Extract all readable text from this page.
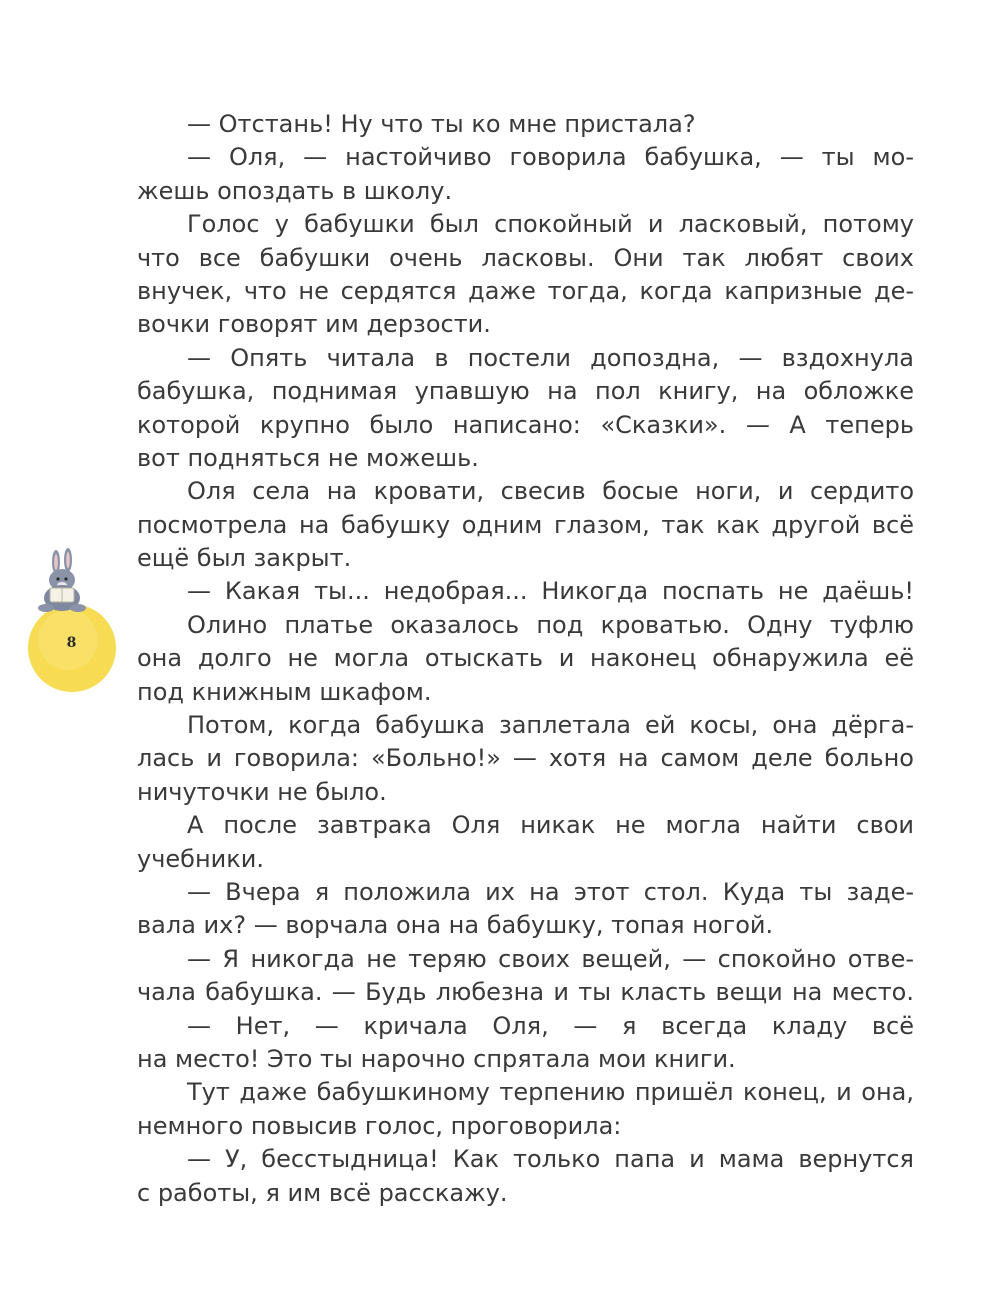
8
— Отстань! Ну что ты ко мне пристала?
— Оля, — настойчиво говорила бабушка, — ты мо-
жешь опоздать в школу.
Голос у бабушки был спокойный и ласковый, потому
что все бабушки очень ласковы. Они так любят своих
внучек, что не сердятся даже тогда, когда капризные де-
вочки говорят им дерзости.
— Опять читала в постели допоздна, — вздохнула
бабушка, поднимая упавшую на пол книгу, на обложке
которой крупно было написано: «Сказки». — А теперь
вот подняться не можешь.
Оля села на кровати, свесив босые ноги, и сердито
посмотрела на бабушку одним глазом, так как другой всё
ещё был закрыт.
— Какая ты... недобрая... Никогда поспать не даёшь!
Олино платье оказалось под кроватью. Одну туфлю
она долго не могла отыскать и наконец обнаружила её
под книжным шкафом.
Потом, когда бабушка заплетала ей косы, она дёрга-
лась и говорила: «Больно!» — хотя на самом деле больно
ничуточки не было.
А после завтрака Оля никак не могла найти свои
учебники.
— Вчера я положила их на этот стол. Куда ты заде-
вала их? — ворчала она на бабушку, топая ногой.
— Я никогда не теряю своих вещей, — спокойно отве-
чала бабушка. — Будь любезна и ты класть вещи на место.
— Нет, — кричала Оля, — я всегда кладу всё
на место! Это ты нарочно спрятала мои книги.
Тут даже бабушкиному терпению пришёл конец, и она,
немного повысив голос, проговорила:
— У, бесстыдница! Как только папа и мама вернутся
с работы, я им всё расскажу.
